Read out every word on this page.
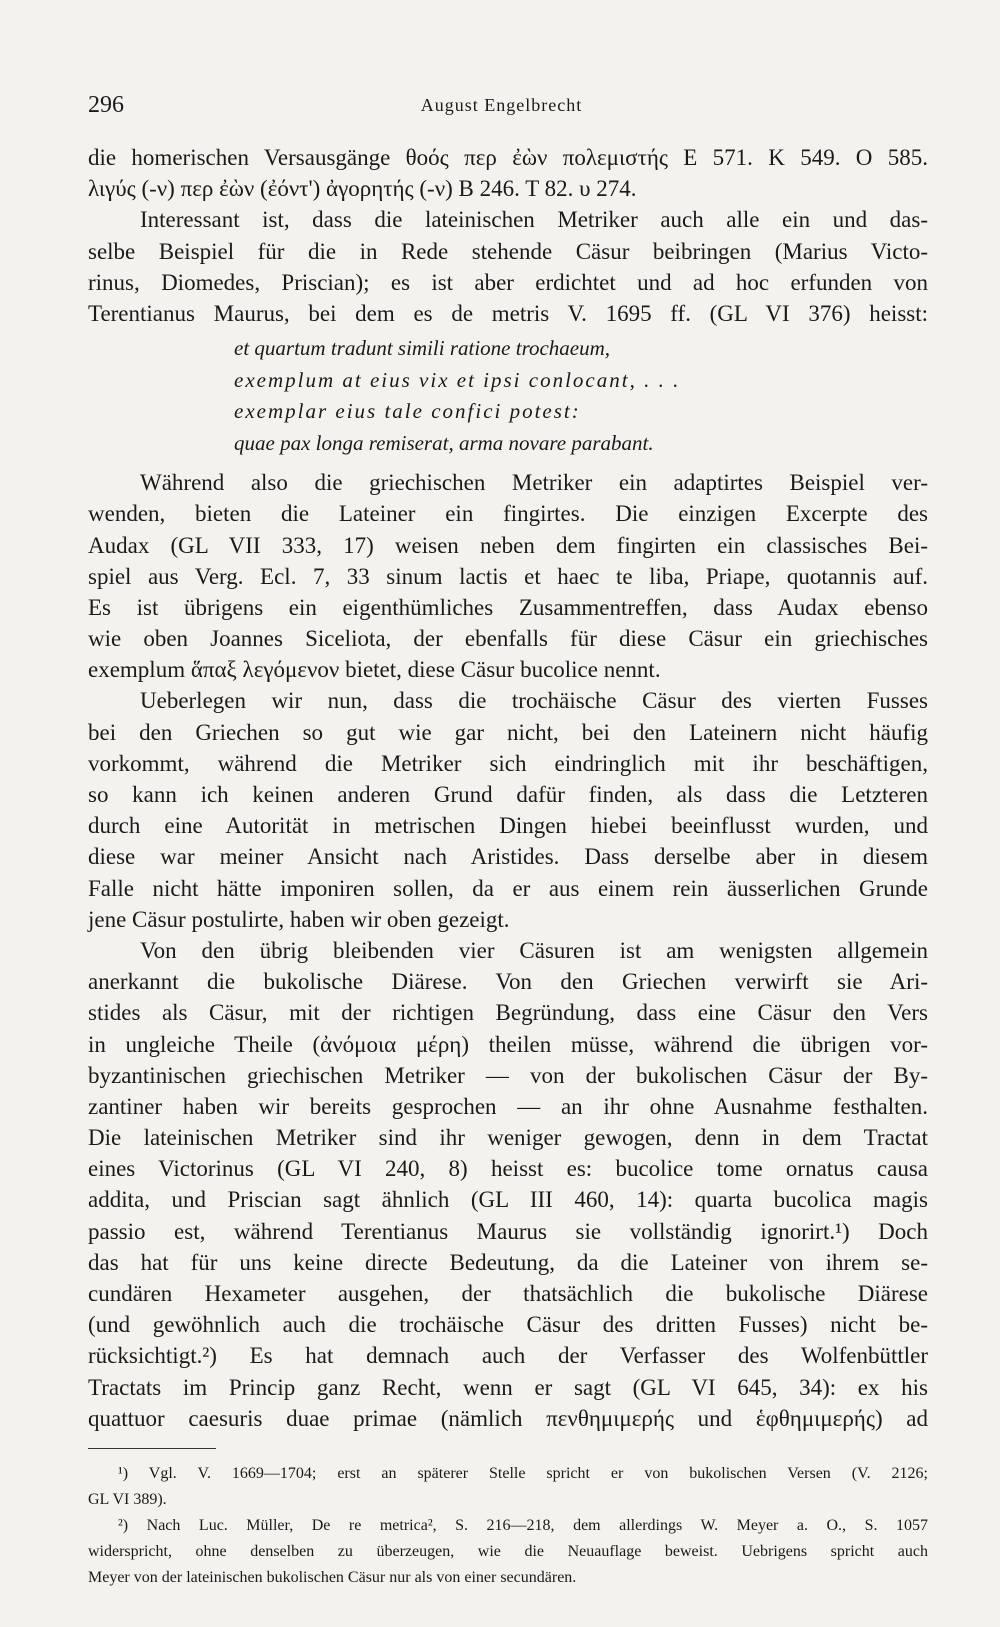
296	August Engelbrecht
die homerischen Versausgänge θοός περ ἐὼν πολεμιστής Ε 571. Κ 549. Ο 585.
λιγύς (-ν) περ ἐὼν (ἐόντ') ἀγορητής (-ν) Β 246. Τ 82. υ 274.
Interessant ist, dass die lateinischen Metriker auch alle ein und das-
selbe Beispiel für die in Rede stehende Cäsur beibringen (Marius Victo-
rinus, Diomedes, Priscian); es ist aber erdichtet und ad hoc erfunden von
Terentianus Maurus, bei dem es de metris V. 1695 ff. (GL VI 376) heisst:
et quartum tradunt simili ratione trochaeum,
exemplum at eius vix et ipsi conlocant, . . .
exemplar eius tale confici potest:
quae pax longa remiserat, arma novare parabant.
Während also die griechischen Metriker ein adaptirtes Beispiel ver-
wenden, bieten die Lateiner ein fingirtes. Die einzigen Excerpte des
Audax (GL VII 333, 17) weisen neben dem fingirten ein classisches Bei-
spiel aus Verg. Ecl. 7, 33 sinum lactis et haec te liba, Priape, quotannis auf.
Es ist übrigens ein eigenthümliches Zusammentreffen, dass Audax ebenso
wie oben Joannes Siceliota, der ebenfalls für diese Cäsur ein griechisches
exemplum ἅπαξ λεγόμενον bietet, diese Cäsur bucolice nennt.
Ueberlegen wir nun, dass die trochäische Cäsur des vierten Fusses
bei den Griechen so gut wie gar nicht, bei den Lateinern nicht häufig
vorkommt, während die Metriker sich eindringlich mit ihr beschäftigen,
so kann ich keinen anderen Grund dafür finden, als dass die Letzteren
durch eine Autorität in metrischen Dingen hiebei beeinflusst wurden, und
diese war meiner Ansicht nach Aristides. Dass derselbe aber in diesem
Falle nicht hätte imponiren sollen, da er aus einem rein äusserlichen Grunde
jene Cäsur postulirte, haben wir oben gezeigt.
Von den übrig bleibenden vier Cäsuren ist am wenigsten allgemein
anerkannt die bukolische Diärese. Von den Griechen verwirft sie Ari-
stides als Cäsur, mit der richtigen Begründung, dass eine Cäsur den Vers
in ungleiche Theile (ἀνόμοια μέρη) theilen müsse, während die übrigen vor-
byzantinischen griechischen Metriker — von der bukolischen Cäsur der By-
zantiner haben wir bereits gesprochen — an ihr ohne Ausnahme festhalten.
Die lateinischen Metriker sind ihr weniger gewogen, denn in dem Tractat
eines Victorinus (GL VI 240, 8) heisst es: bucolice tome ornatus causa
addita, und Priscian sagt ähnlich (GL III 460, 14): quarta bucolica magis
passio est, während Terentianus Maurus sie vollständig ignorirt.¹) Doch
das hat für uns keine directe Bedeutung, da die Lateiner von ihrem se-
cundären Hexameter ausgehen, der thatsächlich die bukolische Diärese
(und gewöhnlich auch die trochäische Cäsur des dritten Fusses) nicht be-
rücksichtigt.²) Es hat demnach auch der Verfasser des Wolfenbüttler
Tractats im Princip ganz Recht, wenn er sagt (GL VI 645, 34): ex his
quattuor caesuris duae primae (nämlich πενθημιμερής und ἑφθημιμερής) ad
¹) Vgl. V. 1669—1704; erst an späterer Stelle spricht er von bukolischen Versen (V. 2126;
GL VI 389).
²) Nach Luc. Müller, De re metrica², S. 216—218, dem allerdings W. Meyer a. O., S. 1057
widerspricht, ohne denselben zu überzeugen, wie die Neuauflage beweist. Uebrigens spricht auch
Meyer von der lateinischen bukolischen Cäsur nur als von einer secundären.
